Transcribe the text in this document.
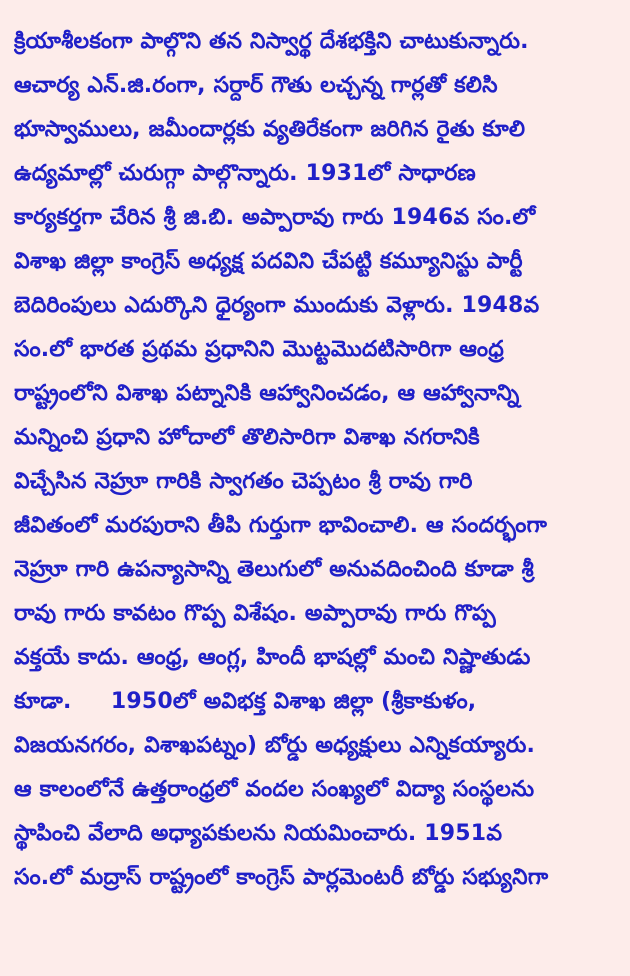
క్రియాశీలకంగా పాల్గొని తన నిస్వార్థ దేశభక్తిని చాటుకున్నారు.
ఆచార్య ఎన్.జి.రంగా, సర్దార్ గౌతు లచ్చన్న గార్లతో కలిసి
భూస్వాములు, జమీందార్లకు వ్యతిరేకంగా జరిగిన రైతు కూలి
ఉద్యమాల్లో చురుగ్గా పాల్గొన్నారు. 1931లో సాధారణ
కార్యకర్తగా చేరిన శ్రీ జి.బి. అప్పారావు గారు 1946వ సం.లో
విశాఖ జిల్లా కాంగ్రెస్ అధ్యక్ష పదవిని చేపట్టి కమ్యూనిస్టు పార్టీ
బెదిరింపులు ఎదుర్కొని ధైర్యంగా ముందుకు వెళ్లారు. 1948వ
సం.లో భారత ప్రథమ ప్రధానిని మొట్టమొదటిసారిగా ఆంధ్ర
రాష్ట్రంలోని విశాఖ పట్నానికి ఆహ్వానించడం, ఆ ఆహ్వానాన్ని
మన్నించి ప్రధాని హోదాలో తొలిసారిగా విశాఖ నగరానికి
విచ్చేసిన నెహ్రూ గారికి స్వాగతం చెప్పటం శ్రీ రావు గారి
జీవితంలో మరపురాని తీపి గుర్తుగా భావించాలి. ఆ సందర్భంగా
నెహ్రూ గారి ఉపన్యాసాన్ని తెలుగులో అనువదించింది కూడా శ్రీ
రావు గారు కావటం గొప్ప విశేషం. అప్పారావు గారు గొప్ప
వక్తయే కాదు. ఆంధ్ర, ఆంగ్ల, హిందీ భాషల్లో మంచి నిష్ణాతుడు
కూడా.     1950లో అవిభక్త విశాఖ జిల్లా (శ్రీకాకుళం,
విజయనగరం, విశాఖపట్నం) బోర్డు అధ్యక్షులు ఎన్నికయ్యారు.
ఆ కాలంలోనే ఉత్తరాంధ్రలో వందల సంఖ్యలో విద్యా సంస్థలను
స్థాపించి వేలాది అధ్యాపకులను నియమించారు. 1951వ
సం.లో మద్రాస్ రాష్ట్రంలో కాంగ్రెస్ పార్లమెంటరీ బోర్డు సభ్యునిగా
